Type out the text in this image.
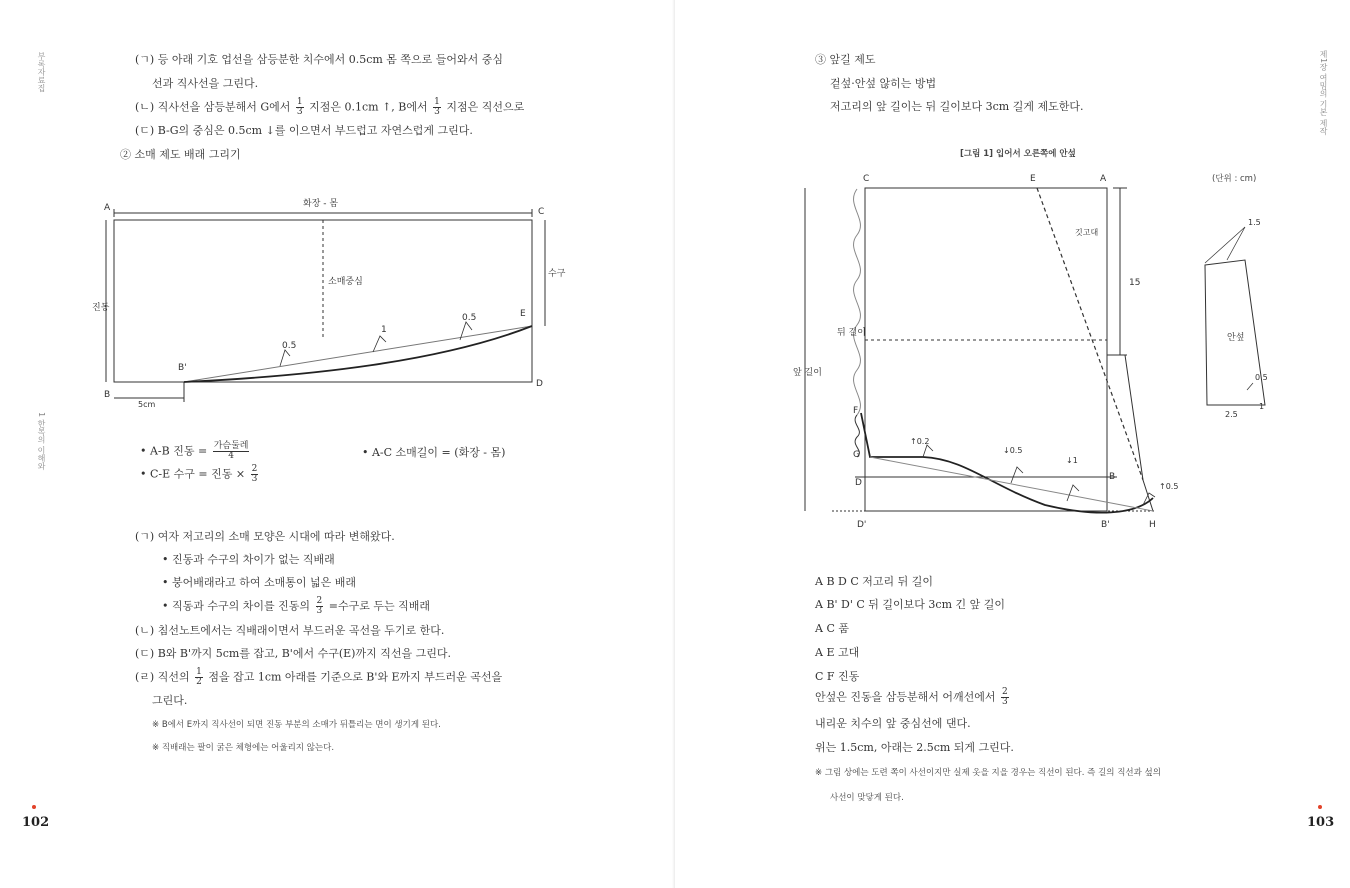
부록자료집
1 한복의 이해와
(ㄱ) 등 아래 기호 업선을 삼등분한 치수에서 0.5cm 몸 쪽으로 들어와서 중심
선과 직사선을 그린다.
(ㄴ) 직사선을 삼등분해서 G에서 $\frac{1}{3}$ 지점은 0.1cm ↑, B에서 $\frac{1}{3}$ 지점은 직선으로
(ㄷ) B-G의 중심은 0.5cm ↓를 이으면서 부드럽고 자연스럽게 그린다.
② 소매 제도 배래 그리기
A	C
B
D
B'
E
화장 - 몸
진동
수구
소매중심
5cm
0.5
1
0.5
• A-B 진동 = $\frac{\text{가슴둘레}}{4}$	• A-C 소매길이 = (화장 - 몸)
• C-E 수구 = 진동 × $\frac{2}{3}$
(ㄱ) 여자 저고리의 소매 모양은 시대에 따라 변해왔다.
• 진동과 수구의 차이가 없는 직배래
• 붕어배래라고 하여 소매통이 넓은 배래
• 직동과 수구의 차이를 진동의 $\frac{2}{3}$ =수구로 두는 직배래
(ㄴ) 침선노트에서는 직배래이면서 부드러운 곡선을 두기로 한다.
(ㄷ) B와 B'까지 5cm를 잡고, B'에서 수구(E)까지 직선을 그린다.
(ㄹ) 직선의 $\frac{1}{2}$ 점을 잡고 1cm 아래를 기준으로 B'와 E까지 부드러운 곡선을
그린다.
※ B에서 E까지 직사선이 되면 진동 부분의 소매가 뒤틀리는 면이 생기게 된다.
※ 직배래는 팔이 굵은 체형에는 어울리지 않는다.
102
제1장 여밈의 기본 제작
③ 앞길 제도
겉섶·안섶 않히는 방법
저고리의 앞 길이는 뒤 길이보다 3cm 길게 제도한다.
[그림 1] 입어서 오른쪽에 안섶
(단위 : cm)
C	E	A
F
G
D
B
D'	B'	H
앞 길이
뒤 길이
깃고대
15
↑0.2
↓0.5
↓1
↑0.5
안섶
1.5
0.5
2.5
1
A B D C 저고리 뒤 길이
A B' D' C 뒤 길이보다 3cm 긴 앞 길이
A C 품
A E 고대
C F 진동
안섶은 진동을 삼등분해서 어깨선에서 $\frac{2}{3}$
내리운 치수의 앞 중심선에 댄다.
위는 1.5cm, 아래는 2.5cm 되게 그린다.
※ 그림 상에는 도련 쪽이 사선이지만 실제 옷을 지을 경우는 직선이 된다. 즉 길의 직선과 섶의
사선이 맞닿게 된다.
103
